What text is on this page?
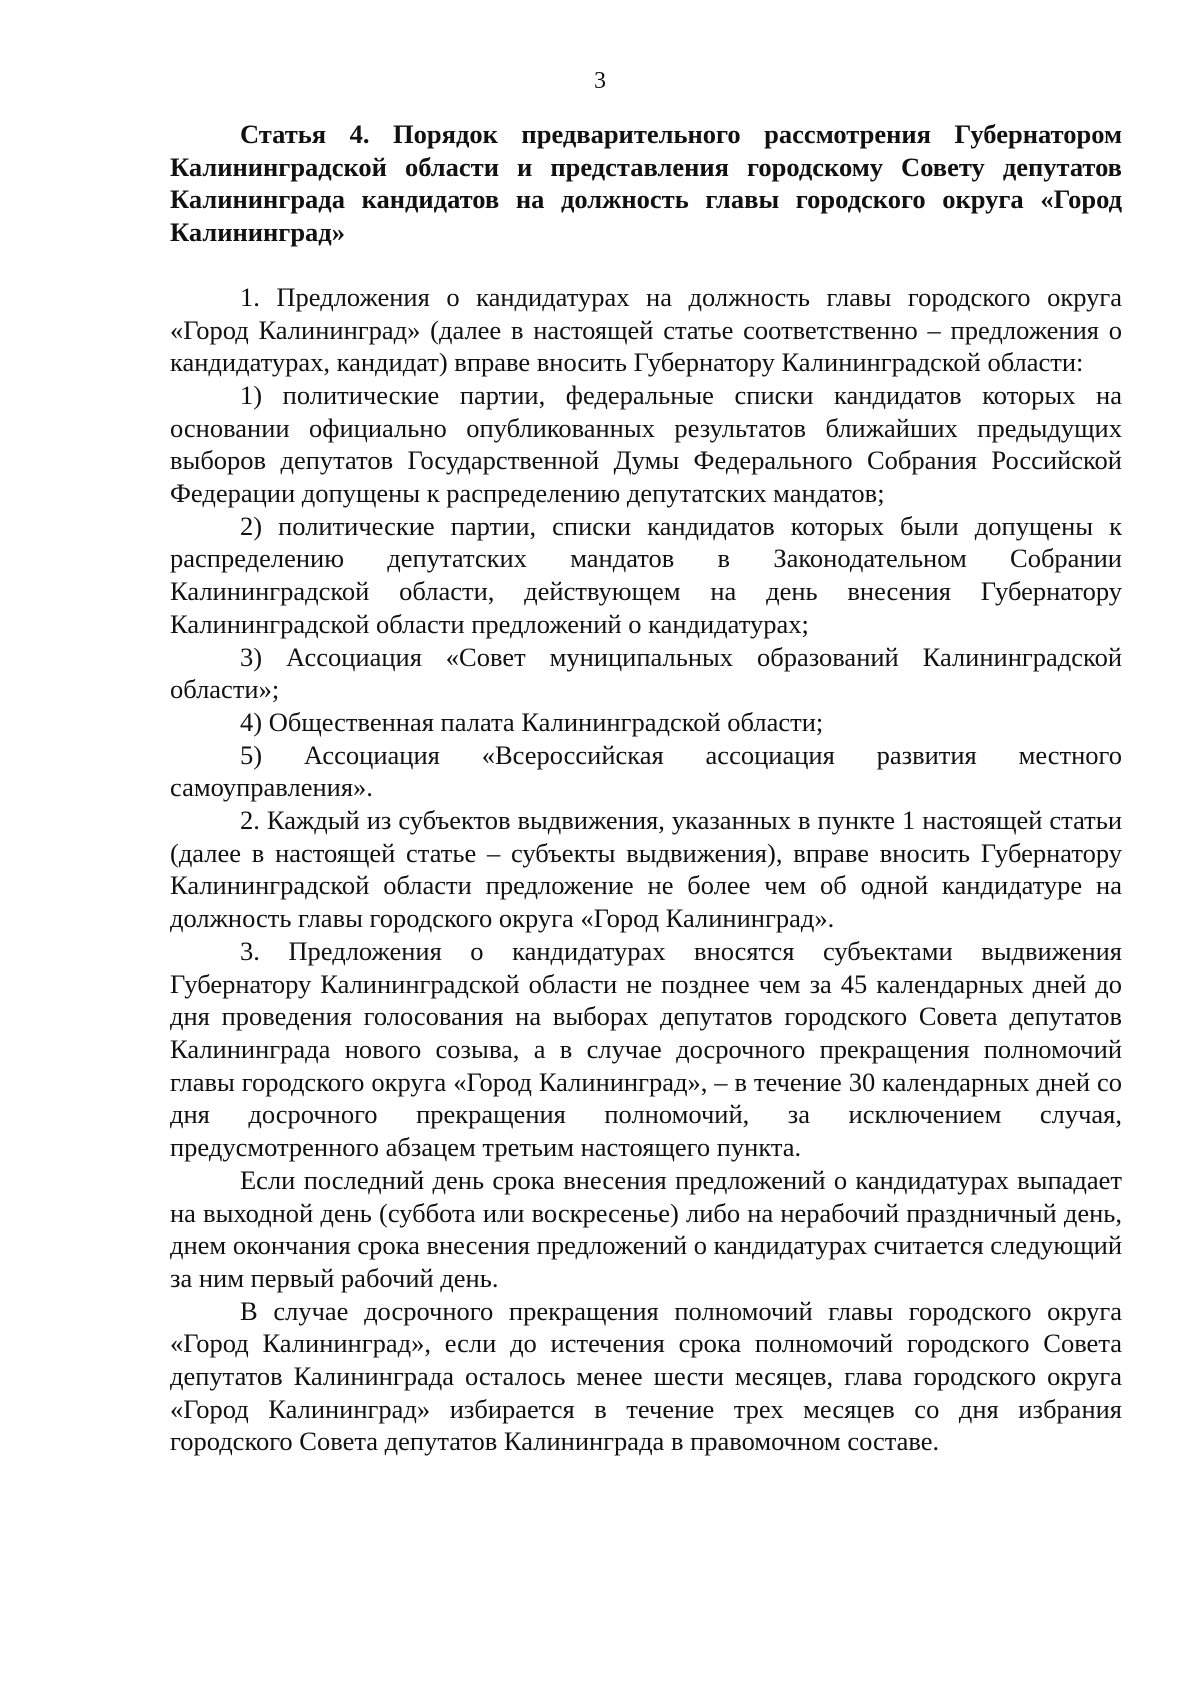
3

Статья 4. Порядок предварительного рассмотрения Губернатором Калининградской области и представления городскому Совету депутатов Калининграда кандидатов на должность главы городского округа «Город Калининград»

1. Предложения о кандидатурах на должность главы городского округа «Город Калининград» (далее в настоящей статье соответственно – предложения о кандидатурах, кандидат) вправе вносить Губернатору Калининградской области:

1) политические партии, федеральные списки кандидатов которых на основании официально опубликованных результатов ближайших предыдущих выборов депутатов Государственной Думы Федерального Собрания Российской Федерации допущены к распределению депутатских мандатов;

2) политические партии, списки кандидатов которых были допущены к распределению депутатских мандатов в Законодательном Собрании Калининградской области, действующем на день внесения Губернатору Калининградской области предложений о кандидатурах;

3) Ассоциация «Совет муниципальных образований Калининградской области»;

4) Общественная палата Калининградской области;

5) Ассоциация «Всероссийская ассоциация развития местного самоуправления».

2. Каждый из субъектов выдвижения, указанных в пункте 1 настоящей статьи (далее в настоящей статье – субъекты выдвижения), вправе вносить Губернатору Калининградской области предложение не более чем об одной кандидатуре на должность главы городского округа «Город Калининград».

3. Предложения о кандидатурах вносятся субъектами выдвижения Губернатору Калининградской области не позднее чем за 45 календарных дней до дня проведения голосования на выборах депутатов городского Совета депутатов Калининграда нового созыва, а в случае досрочного прекращения полномочий главы городского округа «Город Калининград», – в течение 30 календарных дней со дня досрочного прекращения полномочий, за исключением случая, предусмотренного абзацем третьим настоящего пункта.

Если последний день срока внесения предложений о кандидатурах выпадает на выходной день (суббота или воскресенье) либо на нерабочий праздничный день, днем окончания срока внесения предложений о кандидатурах считается следующий за ним первый рабочий день.

В случае досрочного прекращения полномочий главы городского округа «Город Калининград», если до истечения срока полномочий городского Совета депутатов Калининграда осталось менее шести месяцев, глава городского округа «Город Калининград» избирается в течение трех месяцев со дня избрания городского Совета депутатов Калининграда в правомочном составе.
